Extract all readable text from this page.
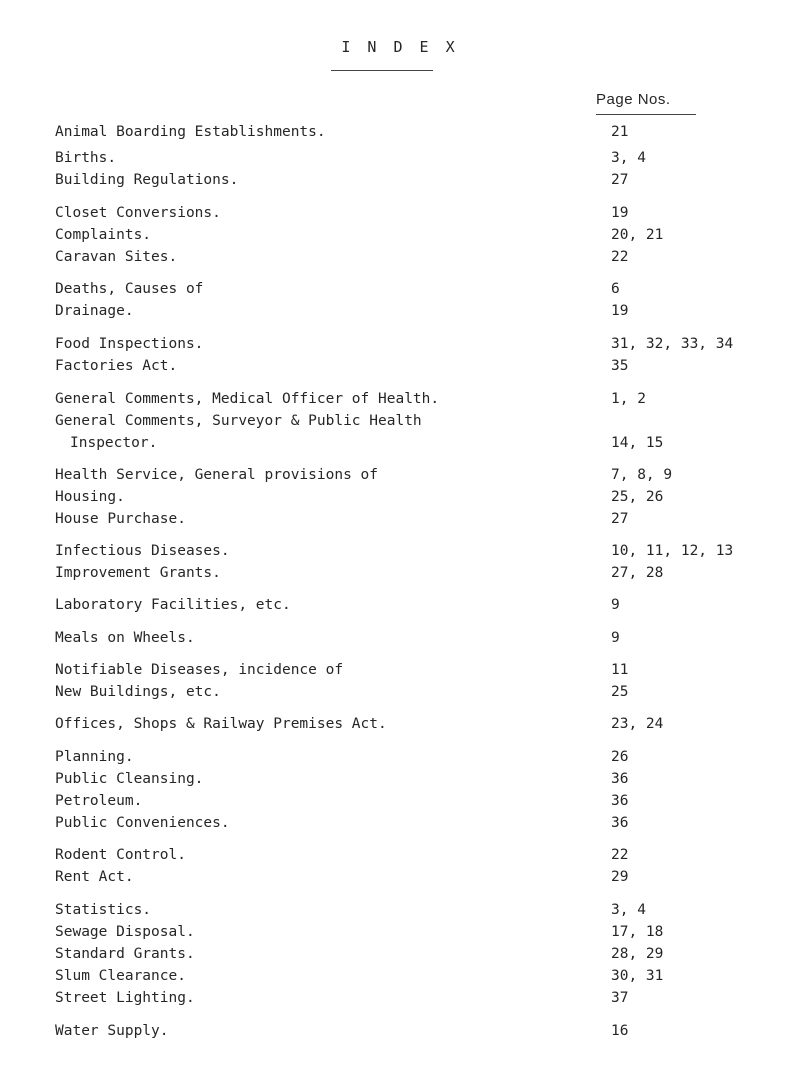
I N D E X
Page Nos.
Animal Boarding Establishments.	21
Births.	3, 4
Building Regulations.	27
Closet Conversions.	19
Complaints.	20, 21
Caravan Sites.	22
Deaths, Causes of	6
Drainage.	19
Food Inspections.	31, 32, 33, 34
Factories Act.	35
General Comments, Medical Officer of Health.	1, 2
General Comments, Surveyor & Public Health
Inspector.	14, 15
Health Service, General provisions of	7, 8, 9
Housing.	25, 26
House Purchase.	27
Infectious Diseases.	10, 11, 12, 13
Improvement Grants.	27, 28
Laboratory Facilities, etc.	9
Meals on Wheels.	9
Notifiable Diseases, incidence of	11
New Buildings, etc.	25
Offices, Shops & Railway Premises Act.	23, 24
Planning.	26
Public Cleansing.	36
Petroleum.	36
Public Conveniences.	36
Rodent Control.	22
Rent Act.	29
Statistics.	3, 4
Sewage Disposal.	17, 18
Standard Grants.	28, 29
Slum Clearance.	30, 31
Street Lighting.	37
Water Supply.	16
